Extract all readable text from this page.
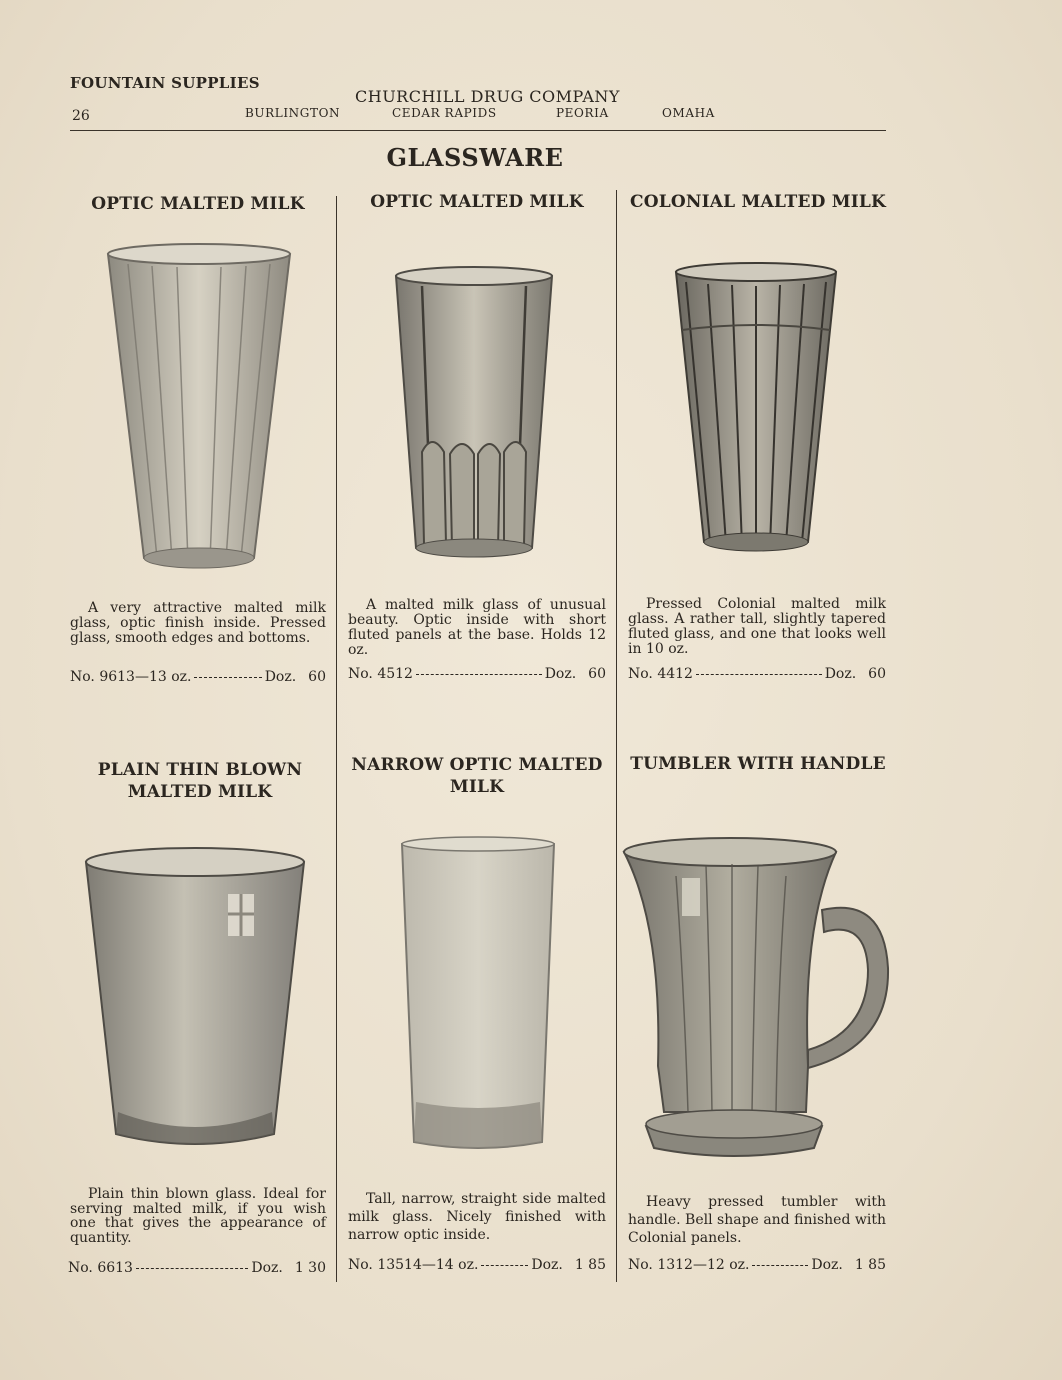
FOUNTAIN SUPPLIES
26
CHURCHILL DRUG COMPANY
BURLINGTON	CEDAR RAPIDS	PEORIA	OMAHA
GLASSWARE
OPTIC MALTED MILK	OPTIC MALTED MILK	COLONIAL MALTED MILK
A very attractive malted milk glass, optic finish inside. Pressed glass, smooth edges and bottoms.
A malted milk glass of unusual beauty. Optic inside with short fluted panels at the base. Holds 12 oz.
Pressed Colonial malted milk glass. A rather tall, slightly tapered fluted glass, and one that looks well in 10 oz.
No. 9613—13 oz.	Doz. 60 No. 4512	Doz. 60 No. 4412	Doz. 60
PLAIN THIN BLOWN MALTED MILK
NARROW OPTIC MALTED MILK
TUMBLER WITH HANDLE
Plain thin blown glass. Ideal for serving malted milk, if you wish one that gives the appearance of quantity.
Tall, narrow, straight side malted milk glass. Nicely finished with narrow optic inside.
Heavy pressed tumbler with handle. Bell shape and finished with Colonial panels.
No. 6613	Doz. 1 30 No. 13514—14 oz.	Doz. 1 85 No. 1312—12 oz.	Doz. 1 85
